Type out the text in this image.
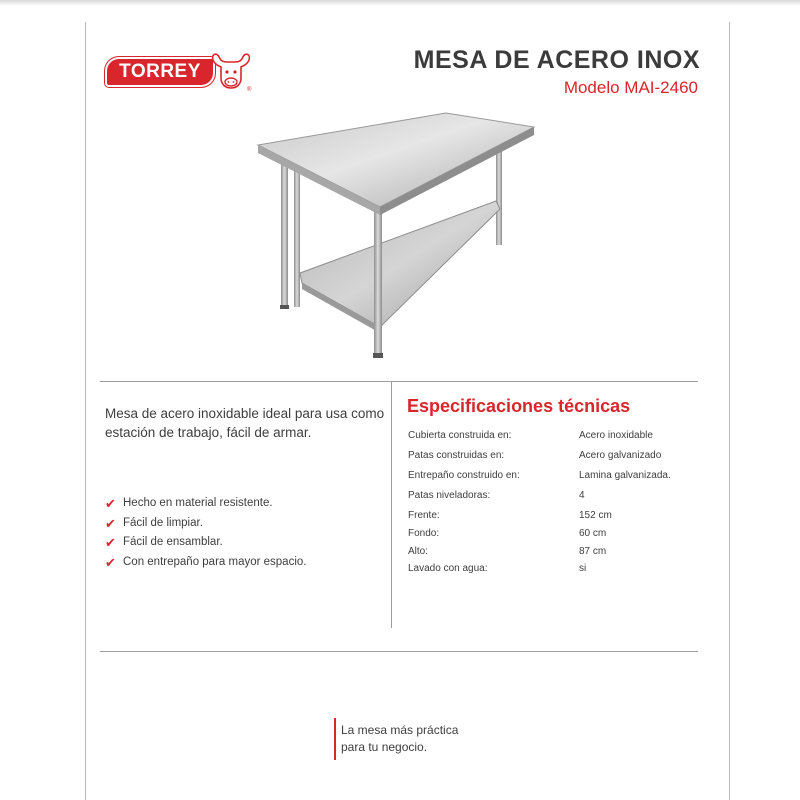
TORREY
®
MESA DE ACERO INOX
Modelo MAI-2460
Mesa de acero inoxidable ideal para usa como estación de trabajo, fácil de armar.
✔ Hecho en material resistente.
✔ Fácil de limpiar.
✔ Fácil de ensamblar.
✔ Con entrepaño para mayor espacio.
Especificaciones técnicas
Cubierta construida en:	Acero inoxidable
Patas construidas en:	Acero galvanizado
Entrepaño construido en:	Lamina galvanizada.
Patas niveladoras:	4
Frente:	152 cm
Fondo:	60 cm
Alto:	87 cm
Lavado con agua:	si
La mesa más práctica
para tu negocio.
